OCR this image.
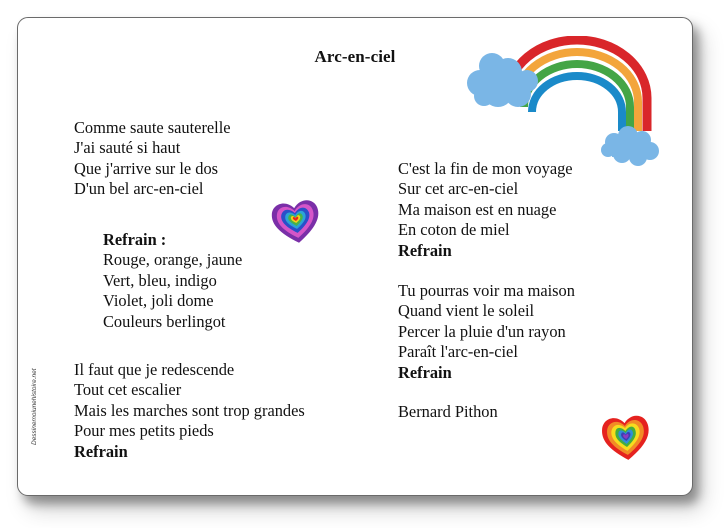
Arc-en-ciel
Comme saute sauterelle
J'ai sauté si haut
Que j'arrive sur le dos
D'un bel arc-en-ciel
Refrain :
Rouge, orange, jaune
Vert, bleu, indigo
Violet, joli dome
Couleurs berlingot
Il faut que je redescende
Tout cet escalier
Mais les marches sont trop grandes
Pour mes petits pieds
Refrain
C'est la fin de mon voyage
Sur cet arc-en-ciel
Ma maison est en nuage
En coton de miel
Refrain
Tu pourras voir ma maison
Quand vient le soleil
Percer la pluie d'un rayon
Paraît l'arc-en-ciel
Refrain
Bernard Pithon
Dessinemoiunehistoire.net
